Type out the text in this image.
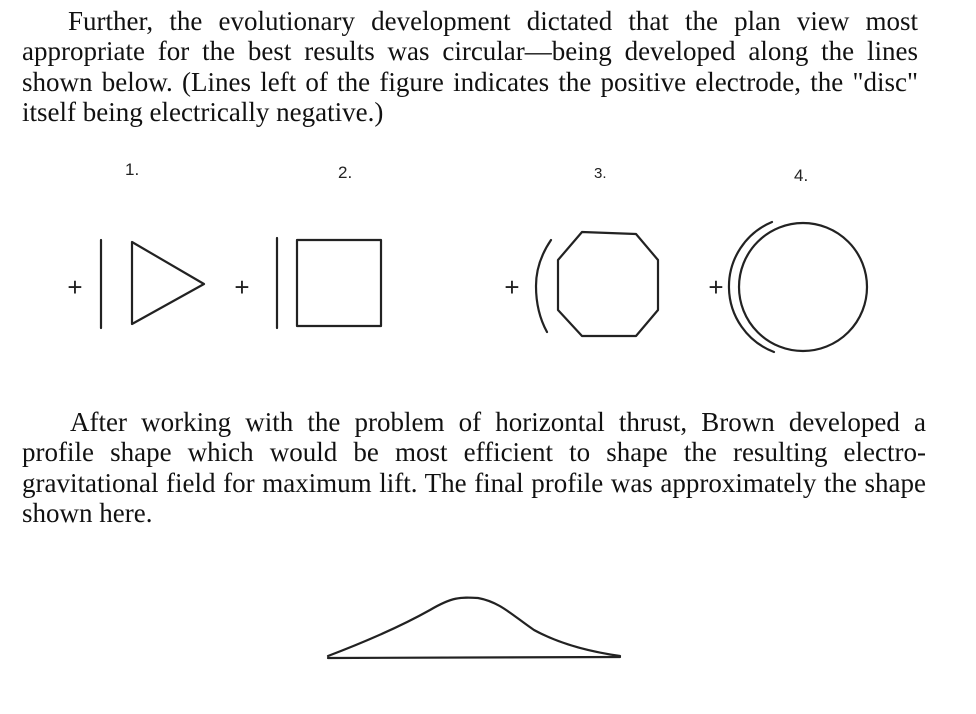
Further, the evolutionary development dictated that the plan view most appropriate for the best results was circular—being developed along the lines shown below. (Lines left of the figure indicates the positive electrode, the "disc" itself being electrically negative.)

1.	2.	3.	4.
+	+	+	+

After working with the problem of horizontal thrust, Brown developed a profile shape which would be most efficient to shape the resulting electro-gravitational field for maximum lift. The final profile was approximately the shape shown here.
